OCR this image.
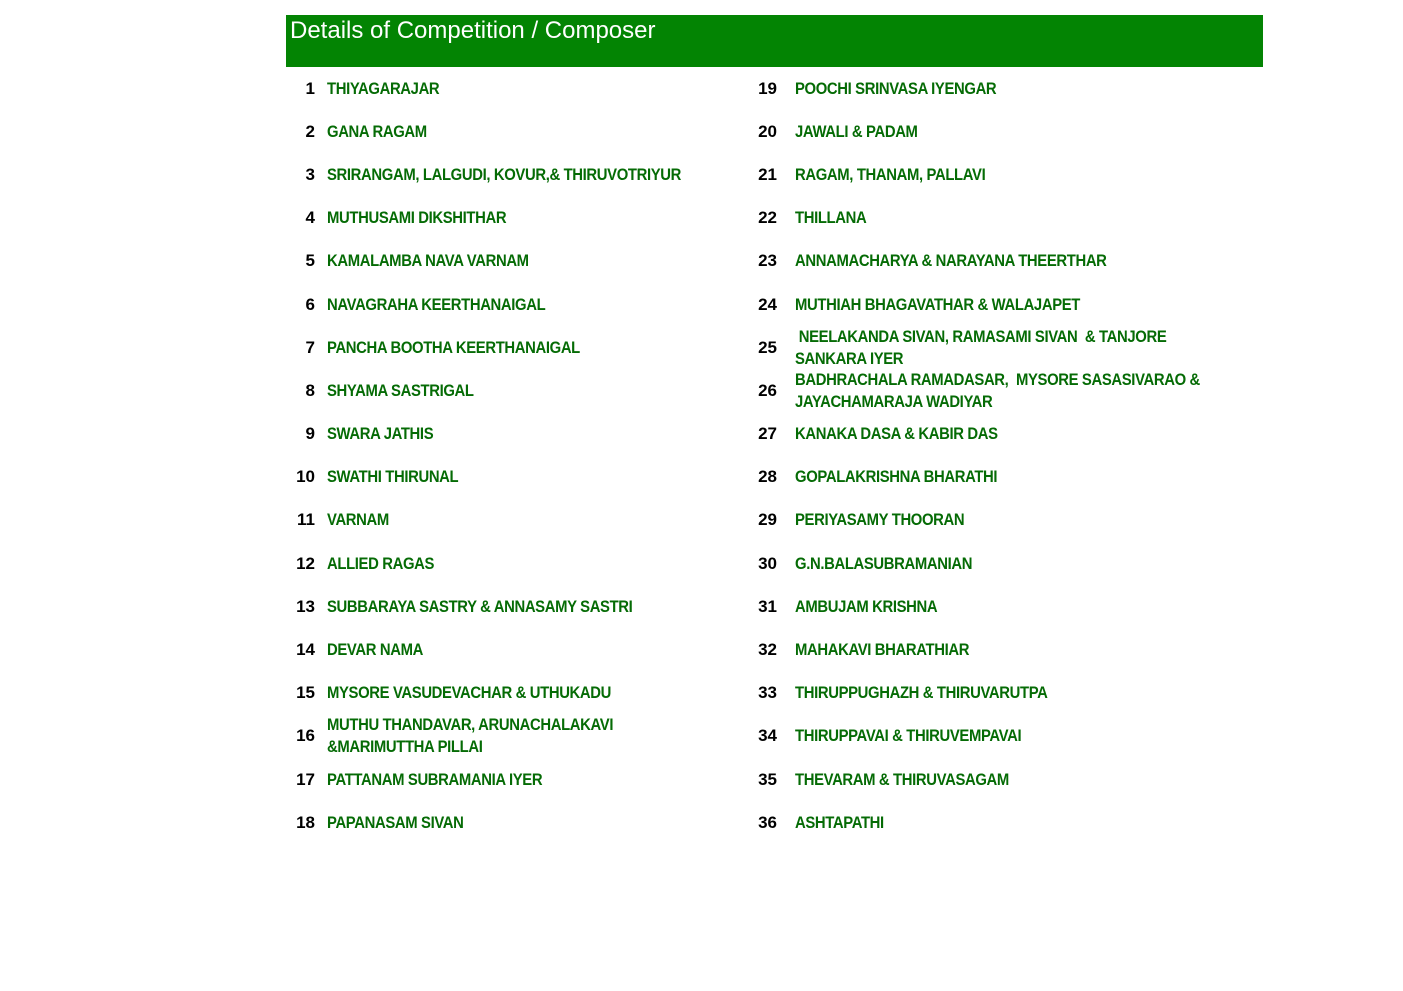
Details of Competition / Composer
1 THIYAGARAJAR
2 GANA RAGAM
3 SRIRANGAM, LALGUDI, KOVUR,& THIRUVOTRIYUR
4 MUTHUSAMI DIKSHITHAR
5 KAMALAMBA NAVA VARNAM
6 NAVAGRAHA KEERTHANAIGAL
7 PANCHA BOOTHA KEERTHANAIGAL
8 SHYAMA SASTRIGAL
9 SWARA JATHIS
10 SWATHI THIRUNAL
11 VARNAM
12 ALLIED RAGAS
13 SUBBARAYA SASTRY & ANNASAMY SASTRI
14 DEVAR NAMA
15 MYSORE VASUDEVACHAR & UTHUKADU
16
MUTHU THANDAVAR, ARUNACHALAKAVI &MARIMUTTHA PILLAI
17 PATTANAM SUBRAMANIA IYER
18 PAPANASAM SIVAN
19 POOCHI SRINVASA IYENGAR
20 JAWALI & PADAM
21 RAGAM, THANAM, PALLAVI
22 THILLANA
23 ANNAMACHARYA & NARAYANA THEERTHAR
24 MUTHIAH BHAGAVATHAR & WALAJAPET
25
NEELAKANDA SIVAN, RAMASAMI SIVAN  & TANJORE SANKARA IYER
26
BADHRACHALA RAMADASAR,  MYSORE SASASIVARAO & JAYACHAMARAJA WADIYAR
27 KANAKA DASA & KABIR DAS
28 GOPALAKRISHNA BHARATHI
29 PERIYASAMY THOORAN
30 G.N.BALASUBRAMANIAN
31 AMBUJAM KRISHNA
32 MAHAKAVI BHARATHIAR
33 THIRUPPUGHAZH & THIRUVARUTPA
34 THIRUPPAVAI & THIRUVEMPAVAI
35 THEVARAM & THIRUVASAGAM
36 ASHTAPATHI
